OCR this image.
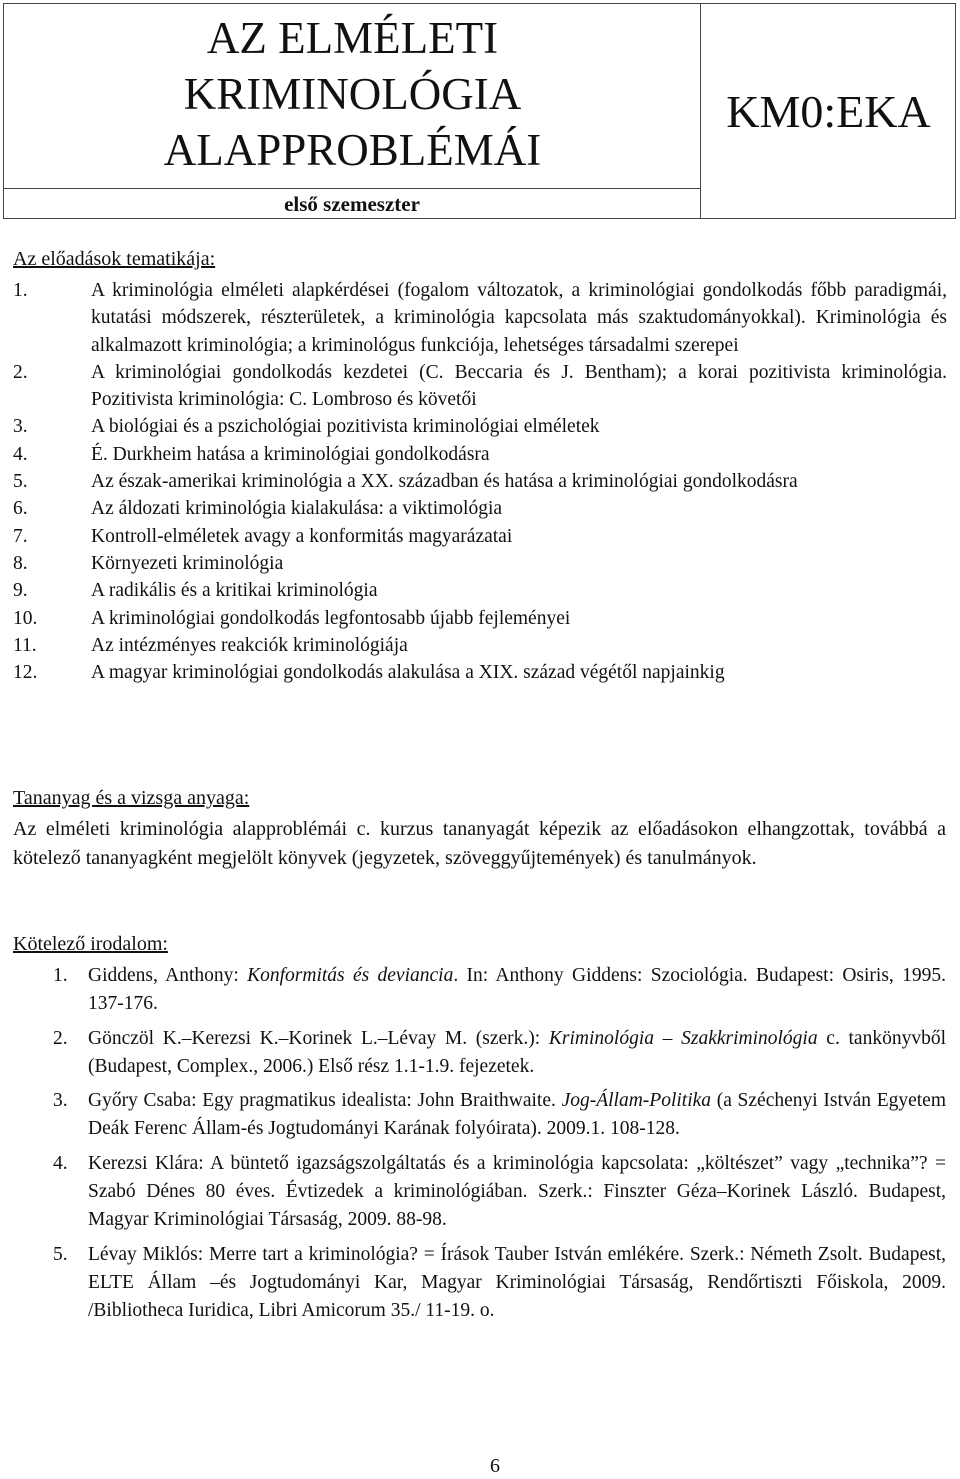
AZ ELMÉLETI
KRIMINOLÓGIA
ALAPPROBLÉMÁI
első szemeszter
KM0:EKA
Az előadások tematikája:
1.	A kriminológia elméleti alapkérdései (fogalom változatok, a kriminológiai gondolkodás főbb paradigmái, kutatási módszerek, részterületek, a kriminológia kapcsolata más szaktudományokkal). Kriminológia és alkalmazott kriminológia; a kriminológus funkciója, lehetséges társadalmi szerepei
2.	A kriminológiai gondolkodás kezdetei (C. Beccaria és J. Bentham); a korai pozitivista kriminológia. Pozitivista kriminológia: C. Lombroso és követői
3.	A biológiai és a pszichológiai pozitivista kriminológiai elméletek
4.	É. Durkheim hatása a kriminológiai gondolkodásra
5.	Az észak-amerikai kriminológia a XX. században és hatása a kriminológiai gondolkodásra
6.	Az áldozati kriminológia kialakulása: a viktimológia
7.	Kontroll-elméletek avagy a konformitás magyarázatai
8.	Környezeti kriminológia
9.	A radikális és a kritikai kriminológia
10.	A kriminológiai gondolkodás legfontosabb újabb fejleményei
11.	Az intézményes reakciók kriminológiája
12.	A magyar kriminológiai gondolkodás alakulása a XIX. század végétől napjainkig
Tananyag és a vizsga anyaga:
Az elméleti kriminológia alapproblémái c. kurzus tananyagát képezik az előadásokon elhangzottak, továbbá a kötelező tananyagként megjelölt könyvek (jegyzetek, szöveggyűjtemények) és tanulmányok.
Kötelező irodalom:
1.	Giddens, Anthony: Konformitás és deviancia. In: Anthony Giddens: Szociológia. Budapest: Osiris, 1995. 137-176.
2.	Gönczöl K.–Kerezsi K.–Korinek L.–Lévay M. (szerk.): Kriminológia – Szakkriminológia c. tankönyvből (Budapest, Complex., 2006.) Első rész 1.1-1.9. fejezetek.
3.	Győry Csaba: Egy pragmatikus idealista: John Braithwaite. Jog-Állam-Politika (a Széchenyi István Egyetem Deák Ferenc Állam-és Jogtudományi Karának folyóirata). 2009.1. 108-128.
4.	Kerezsi Klára: A büntető igazságszolgáltatás és a kriminológia kapcsolata: „költészet” vagy „technika”? = Szabó Dénes 80 éves. Évtizedek a kriminológiában. Szerk.: Finszter Géza–Korinek László. Budapest, Magyar Kriminológiai Társaság, 2009. 88-98.
5.	Lévay Miklós: Merre tart a kriminológia? = Írások Tauber István emlékére. Szerk.: Németh Zsolt. Budapest, ELTE Állam –és Jogtudományi Kar, Magyar Kriminológiai Társaság, Rendőrtiszti Főiskola, 2009. /Bibliotheca Iuridica, Libri Amicorum 35./ 11-19. o.
6
